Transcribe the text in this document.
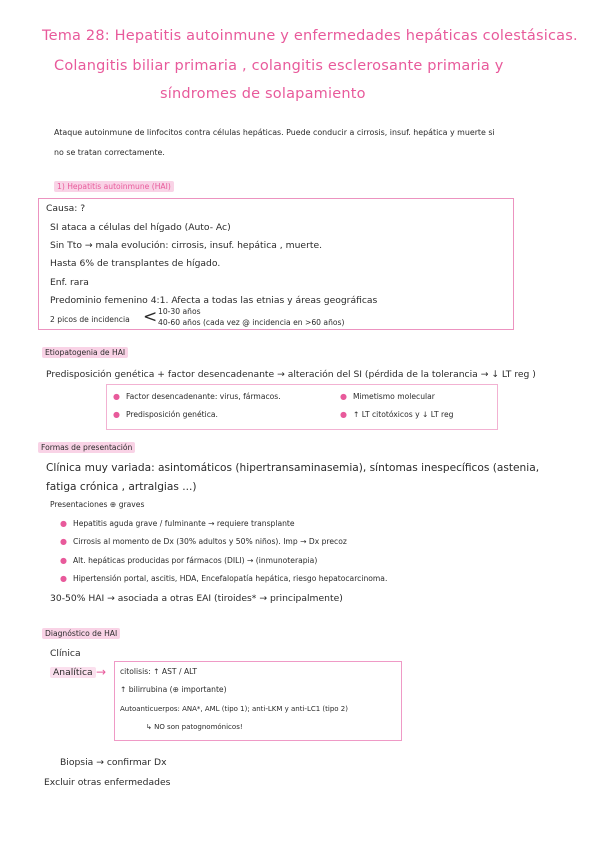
Tema 28: Hepatitis autoinmune y enfermedades hepáticas colestásicas.
Colangitis biliar primaria , colangitis esclerosante primaria y
síndromes de solapamiento
Ataque autoinmune de linfocitos contra células hepáticas. Puede conducir a cirrosis, insuf. hepática y muerte si
no se tratan correctamente.
1) Hepatitis autoinmune (HAI)
Causa: ?
SI ataca a células del hígado (Auto- Ac)
Sin Tto → mala evolución: cirrosis, insuf. hepática , muerte.
Hasta 6% de transplantes de hígado.
Enf. rara
Predominio femenino 4:1. Afecta a todas las etnias y áreas geográficas
2 picos de incidencia < 10-30 años
40-60 años (cada vez @ incidencia en >60 años)
Etiopatogenia de HAI
Predisposición genética + factor desencadenante → alteración del SI (pérdida de la tolerancia → ↓ LT reg )
● Factor desencadenante: virus, fármacos.
● Predisposición genética.
● Mimetismo molecular
● ↑ LT citotóxicos y ↓ LT reg
Formas de presentación
Clínica muy variada: asintomáticos (hipertransaminasemia), síntomas inespecíficos (astenia,
fatiga crónica , artralgias ...)
Presentaciones ⊕ graves
● Hepatitis aguda grave / fulminante → requiere transplante
● Cirrosis al momento de Dx (30% adultos y 50% niños). Imp → Dx precoz
● Alt. hepáticas producidas por fármacos (DILI) → (inmunoterapia)
● Hipertensión portal, ascitis, HDA, Encefalopatía hepática, riesgo hepatocarcinoma.
30-50% HAI → asociada a otras EAI (tiroides* → principalmente)
Diagnóstico de HAI
Clínica
Analítica → citolisis: ↑ AST / ALT
↑ bilirrubina (⊕ importante)
Autoanticuerpos: ANA*, AML (tipo 1); anti-LKM y anti-LC1 (tipo 2)
↳ NO son patognomónicos!
Biopsia → confirmar Dx
Excluir otras enfermedades
